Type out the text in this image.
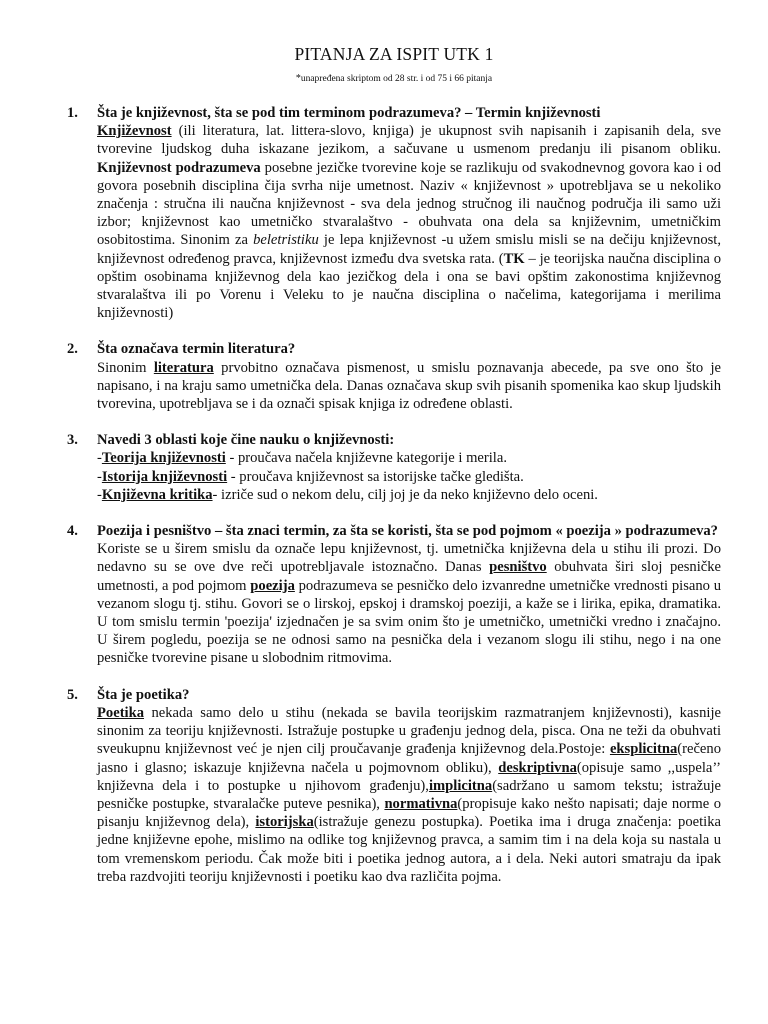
PITANJA ZA ISPIT UTK 1
*unapređena skriptom od 28 str. i od 75 i 66 pitanja
1.	Šta je književnost, šta se pod tim terminom podrazumeva? – Termin književnosti
Književnost (ili literatura, lat. littera-slovo, knjiga) je ukupnost svih napisanih i zapisanih dela, sve tvorevine ljudskog duha iskazane jezikom, a sačuvane u usmenom predanju ili pisanom obliku. Književnost podrazumeva posebne jezičke tvorevine koje se razlikuju od svakodnevnog govora kao i od govora posebnih disciplina čija svrha nije umetnost. Naziv « književnost » upotrebljava se u nekoliko značenja : stručna ili naučna književnost - sva dela jednog stručnog ili naučnog područja ili samo uži izbor; književnost kao umetničko stvaralaštvo - obuhvata ona dela sa književnim, umetničkim osobitostima. Sinonim za beletristiku je lepa književnost -u užem smislu misli se na dečiju književnost, književnost određenog pravca, književnost između dva svetska rata. (TK – je teorijska naučna disciplina o opštim osobinama književnog dela kao jezičkog dela i ona se bavi opštim zakonostima književnog stvaralaštva ili po Vorenu i Veleku to je naučna disciplina o načelima, kategorijama i merilima književnosti)
2.	Šta označava termin literatura?
Sinonim literatura prvobitno označava pismenost, u smislu poznavanja abecede, pa sve ono što je napisano, i na kraju samo umetnička dela. Danas označava skup svih pisanih spomenika kao skup ljudskih tvorevina, upotrebljava se i da označi spisak knjiga iz određene oblasti.
3.	Navedi 3 oblasti koje čine nauku o književnosti:
-Teorija književnosti - proučava načela književne kategorije i merila.
-Istorija književnosti - proučava književnost sa istorijske tačke gledišta.
-Književna kritika- izriče sud o nekom delu, cilj joj je da neko književno delo oceni.
4.	Poezija i pesništvo – šta znaci termin, za šta se koristi, šta se pod pojmom « poezija » podrazumeva?
Koriste se u širem smislu da označe lepu književnost, tj. umetnička književna dela u stihu ili prozi. Do nedavno su se ove dve reči upotrebljavale istoznačno. Danas pesništvo obuhvata širi sloj pesničke umetnosti, a pod pojmom poezija podrazumeva se pesničko delo izvanredne umetničke vrednosti pisano u vezanom slogu tj. stihu. Govori se o lirskoj, epskoj i dramskoj poeziji, a kaže se i lirika, epika, dramatika. U tom smislu termin 'poezija' izjednačen je sa svim onim što je umetničko, umetnički vredno i značajno. U širem pogledu, poezija se ne odnosi samo na pesnička dela i vezanom slogu ili stihu, nego i na one pesničke tvorevine pisane u slobodnim ritmovima.
5.	Šta je poetika?
Poetika nekada samo delo u stihu (nekada se bavila teorijskim razmatranjem književnosti), kasnije sinonim za teoriju književnosti. Istražuje postupke u građenju jednog dela, pisca. Ona ne teži da obuhvati sveukupnu književnost već je njen cilj proučavanje građenja književnog dela.Postoje: eksplicitna(rečeno jasno i glasno; iskazuje književna načela u pojmovnom obliku), deskriptivna(opisuje samo ,,uspela’’ književna dela i to postupke u njihovom građenju),implicitna(sadržano u samom tekstu; istražuje pesničke postupke, stvaralačke puteve pesnika), normativna(propisuje kako nešto napisati; daje norme o pisanju književnog dela), istorijska(istražuje genezu postupka). Poetika ima i druga značenja: poetika jedne književne epohe, mislimo na odlike tog književnog pravca, a samim tim i na dela koja su nastala u tom vremenskom periodu. Čak može biti i poetika jednog autora, a i dela. Neki autori smatraju da ipak treba razdvojiti teoriju književnosti i poetiku kao dva različita pojma.
